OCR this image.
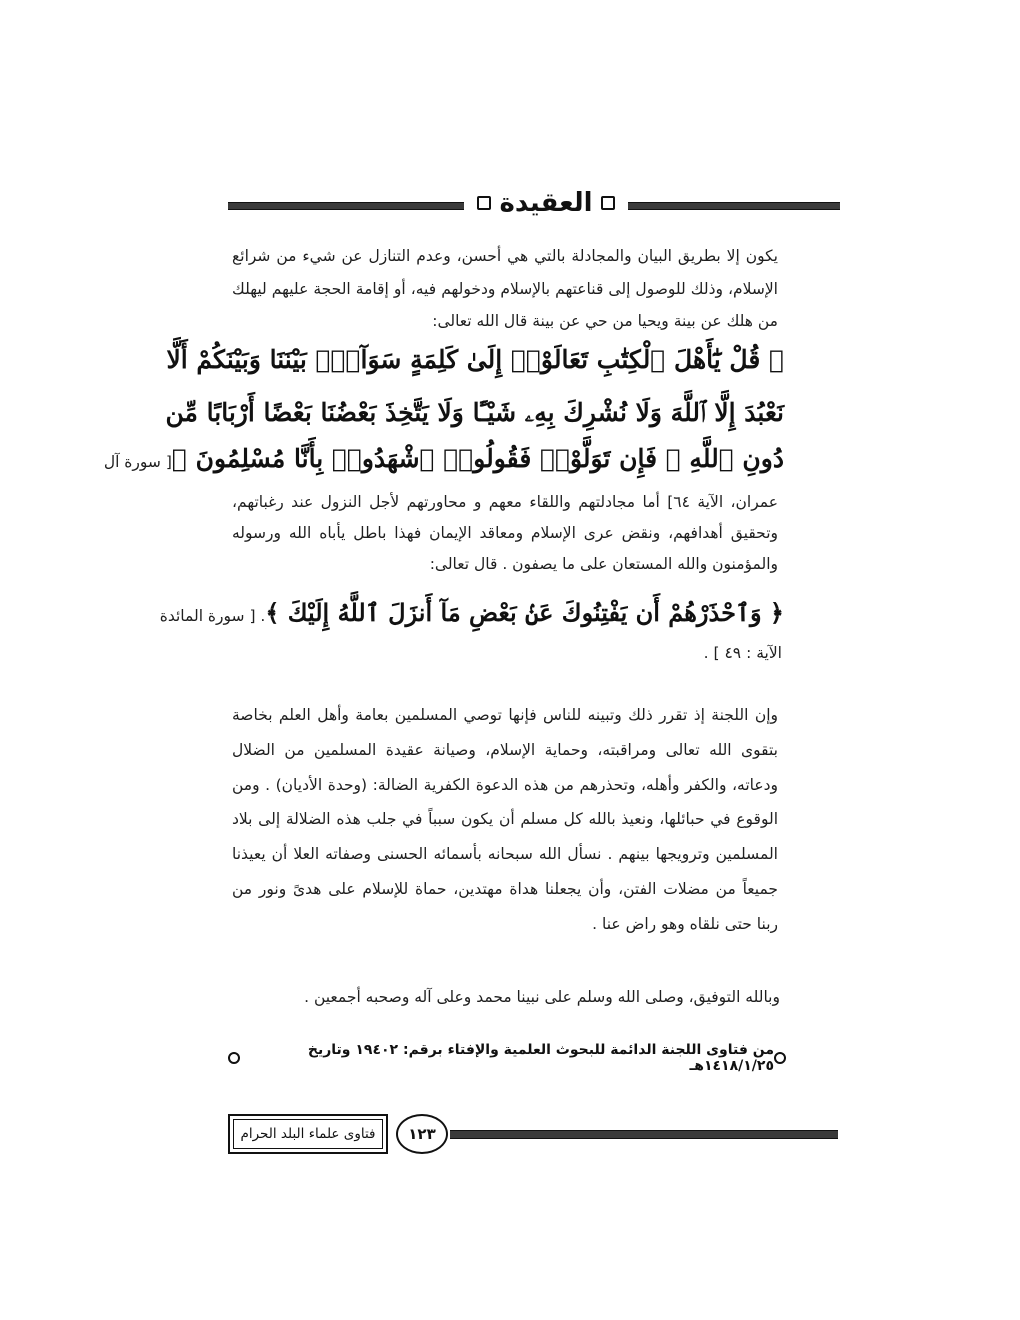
العقيدة
يكون إلا بطريق البيان والمجادلة بالتي هي أحسن، وعدم التنازل عن شيء من شرائع الإسلام، وذلك للوصول إلى قناعتهم بالإسلام ودخولهم فيه، أو إقامة الحجة عليهم ليهلك من هلك عن بينة ويحيا من حي عن بينة قال الله تعالى:
﴿ قُلْ يَٰٓأَهْلَ ٱلْكِتَٰبِ تَعَالَوْا۟ إِلَىٰ كَلِمَةٍ سَوَآءٍۭ بَيْنَنَا وَبَيْنَكُمْ أَلَّا
نَعْبُدَ إِلَّا ٱللَّهَ وَلَا نُشْرِكَ بِهِۦ شَيْـًٔا وَلَا يَتَّخِذَ بَعْضُنَا بَعْضًا أَرْبَابًا مِّن
دُونِ ٱللَّهِ ۚ فَإِن تَوَلَّوْا۟ فَقُولُوا۟ ٱشْهَدُوا۟ بِأَنَّا مُسْلِمُونَ ﴾
[ سورة آل
عمران، الآية ٦٤] أما مجادلتهم واللقاء معهم و محاورتهم لأجل النزول عند رغباتهم، وتحقيق أهدافهم، ونقض عرى الإسلام ومعاقد الإيمان فهذا باطل يأباه الله ورسوله والمؤمنون والله المستعان على ما يصفون . قال تعالى:
﴿ وَٱحْذَرْهُمْ أَن يَفْتِنُوكَ عَنۢ بَعْضِ مَآ أَنزَلَ ٱللَّهُ إِلَيْكَ ﴾
. [ سورة المائدة
الآية : ٤٩ ] .
وإن اللجنة إذ تقرر ذلك وتبينه للناس فإنها توصي المسلمين بعامة وأهل العلم بخاصة بتقوى الله تعالى ومراقبته، وحماية الإسلام، وصيانة عقيدة المسلمين من الضلال ودعاته، والكفر وأهله، وتحذرهم من هذه الدعوة الكفرية الضالة: (وحدة الأديان) . ومن الوقوع في حبائلها، ونعيذ بالله كل مسلم أن يكون سبباً في جلب هذه الضلالة إلى بلاد المسلمين وترويجها بينهم . نسأل الله سبحانه بأسمائه الحسنى وصفاته العلا أن يعيذنا جميعاً من مضلات الفتن، وأن يجعلنا هداة مهتدين، حماة للإسلام على هدىً ونور من ربنا حتى نلقاه وهو راض عنا .
وبالله التوفيق، وصلى الله وسلم على نبينا محمد وعلى آله وصحبه أجمعين .
من فتاوى اللجنة الدائمة للبحوث العلمية والإفتاء برقم: ١٩٤٠٢ وتاريخ ١٤١٨/١/٢٥هـ
١٢٣
فتاوى علماء البلد الحرام
